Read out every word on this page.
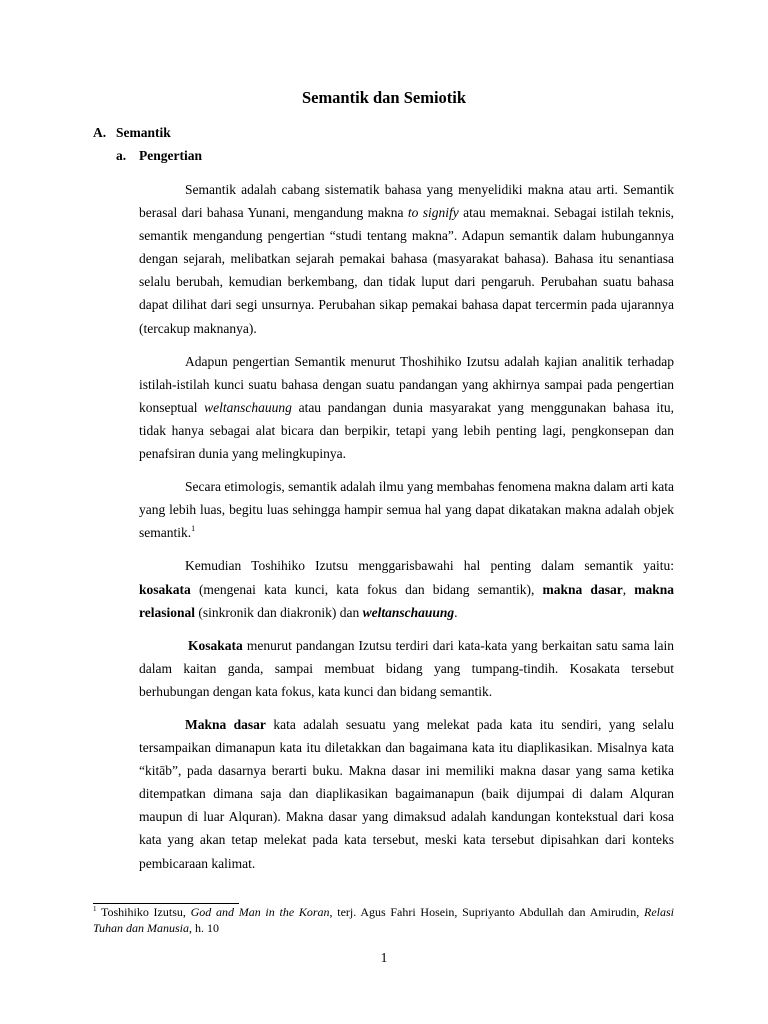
Semantik dan Semiotik
A. Semantik
a. Pengertian

Semantik adalah cabang sistematik bahasa yang menyelidiki makna atau arti. Semantik berasal dari bahasa Yunani, mengandung makna to signify atau memaknai. Sebagai istilah teknis, semantik mengandung pengertian “studi tentang makna”. Adapun semantik dalam hubungannya dengan sejarah, melibatkan sejarah pemakai bahasa (masyarakat bahasa). Bahasa itu senantiasa selalu berubah, kemudian berkembang, dan tidak luput dari pengaruh. Perubahan suatu bahasa dapat dilihat dari segi unsurnya. Perubahan sikap pemakai bahasa dapat tercermin pada ujarannya (tercakup maknanya).

Adapun pengertian Semantik menurut Thoshihiko Izutsu adalah kajian analitik terhadap istilah-istilah kunci suatu bahasa dengan suatu pandangan yang akhirnya sampai pada pengertian konseptual weltanschauung atau pandangan dunia masyarakat yang menggunakan bahasa itu, tidak hanya sebagai alat bicara dan berpikir, tetapi yang lebih penting lagi, pengkonsepan dan penafsiran dunia yang melingkupinya.

Secara etimologis, semantik adalah ilmu yang membahas fenomena makna dalam arti kata yang lebih luas, begitu luas sehingga hampir semua hal yang dapat dikatakan makna adalah objek semantik.$^1$

Kemudian Toshihiko Izutsu menggarisbawahi hal penting dalam semantik yaitu: kosakata (mengenai kata kunci, kata fokus dan bidang semantik), makna dasar, makna relasional (sinkronik dan diakronik) dan weltanschauung.

Kosakata menurut pandangan Izutsu terdiri dari kata-kata yang berkaitan satu sama lain dalam kaitan ganda, sampai membuat bidang yang tumpang-tindih. Kosakata tersebut berhubungan dengan kata fokus, kata kunci dan bidang semantik.

Makna dasar kata adalah sesuatu yang melekat pada kata itu sendiri, yang selalu tersampaikan dimanapun kata itu diletakkan dan bagaimana kata itu diaplikasikan. Misalnya kata “kitāb”, pada dasarnya berarti buku. Makna dasar ini memiliki makna dasar yang sama ketika ditempatkan dimana saja dan diaplikasikan bagaimanapun (baik dijumpai di dalam Alquran maupun di luar Alquran). Makna dasar yang dimaksud adalah kandungan kontekstual dari kosa kata yang akan tetap melekat pada kata tersebut, meski kata tersebut dipisahkan dari konteks pembicaraan kalimat.

$^1$ Toshihiko Izutsu, God and Man in the Koran, terj. Agus Fahri Hosein, Supriyanto Abdullah dan Amirudin, Relasi Tuhan dan Manusia, h. 10

1
